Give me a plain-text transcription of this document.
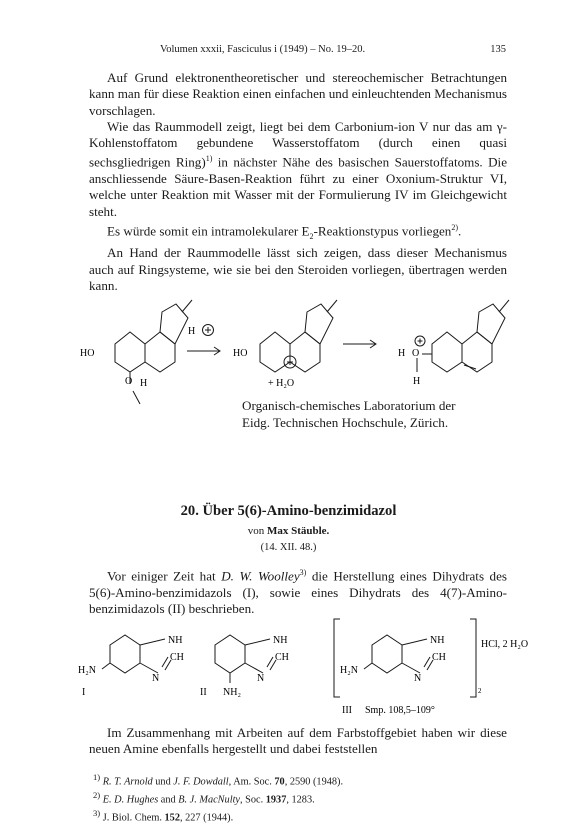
Volumen xxxii, Fasciculus i (1949) – No. 19–20.	135

Auf Grund elektronentheoretischer und stereochemischer Betrachtungen kann man für diese Reaktion einen einfachen und einleuchtenden Mechanismus vorschlagen.

Wie das Raummodell zeigt, liegt bei dem Carbonium-ion V nur das am γ-Kohlenstoffatom gebundene Wasserstoffatom (durch einen quasi sechsgliedrigen Ring)$^{1)}$ in nächster Nähe des basischen Sauerstoffatoms. Die anschliessende Säure-Basen-Reaktion führt zu einer Oxonium-Struktur VI, welche unter Reaktion mit Wasser mit der Formulierung IV im Gleichgewicht steht.

Es würde somit ein intramolekularer $E_2$-Reaktionstypus vorliegen$^{2)}$.

An Hand der Raummodelle lässt sich zeigen, dass dieser Mechanismus auch auf Ringsysteme, wie sie bei den Steroiden vorliegen, übertragen werden kann.

HO
O H
H
HO
+ H₂O
H O
H
Organisch-chemisches Laboratorium der
Eidg. Technischen Hochschule, Zürich.
20. Über 5(6)-Amino-benzimidazol
von Max Stäuble.
(14. XII. 48.)

Vor einiger Zeit hat D. W. Woolley$^{3)}$ die Herstellung eines Dihydrats des 5(6)-Amino-benzimidazols (I), sowie eines Dihydrats des 4(7)-Amino-benzimidazols (II) beschrieben.

NH
CH
N
H₂N
I
NH
CH
N
NH₂
II
NH
CH
N
H₂N
HCl, 2 H₂O
2
III Smp. 108,5–109°

Im Zusammenhang mit Arbeiten auf dem Farbstoffgebiet haben wir diese neuen Amine ebenfalls hergestellt und dabei feststellen

$^{1)}$ R. T. Arnold und J. F. Dowdall, Am. Soc. 70, 2590 (1948).
$^{2)}$ E. D. Hughes and B. J. MacNulty, Soc. 1937, 1283.
$^{3)}$ J. Biol. Chem. 152, 227 (1944).
